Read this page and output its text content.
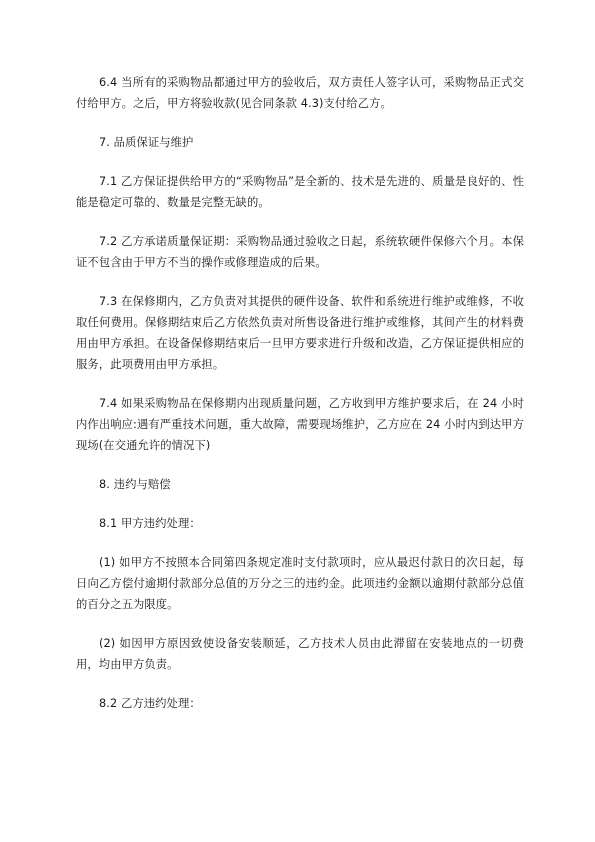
6.4 当所有的采购物品都通过甲方的验收后，双方责任人签字认可，采购物品正式交付给甲方。之后，甲方将验收款(见合同条款 4.3)支付给乙方。

7. 品质保证与维护

7.1 乙方保证提供给甲方的“采购物品”是全新的、技术是先进的、质量是良好的、性能是稳定可靠的、数量是完整无缺的。

7.2 乙方承诺质量保证期：采购物品通过验收之日起，系统软硬件保修六个月。本保证不包含由于甲方不当的操作或修理造成的后果。

7.3 在保修期内，乙方负责对其提供的硬件设备、软件和系统进行维护或维修，不收取任何费用。保修期结束后乙方依然负责对所售设备进行维护或维修，其间产生的材料费用由甲方承担。在设备保修期结束后一旦甲方要求进行升级和改造，乙方保证提供相应的服务，此项费用由甲方承担。

7.4 如果采购物品在保修期内出现质量问题，乙方收到甲方维护要求后，在 24 小时内作出响应:遇有严重技术问题，重大故障，需要现场维护，乙方应在 24 小时内到达甲方现场(在交通允许的情况下)

8. 违约与赔偿

8.1 甲方违约处理：

(1) 如甲方不按照本合同第四条规定准时支付款项时，应从最迟付款日的次日起，每日向乙方偿付逾期付款部分总值的万分之三的违约金。此项违约金额以逾期付款部分总值的百分之五为限度。

(2) 如因甲方原因致使设备安装顺延，乙方技术人员由此滞留在安装地点的一切费用，均由甲方负责。

8.2 乙方违约处理：
